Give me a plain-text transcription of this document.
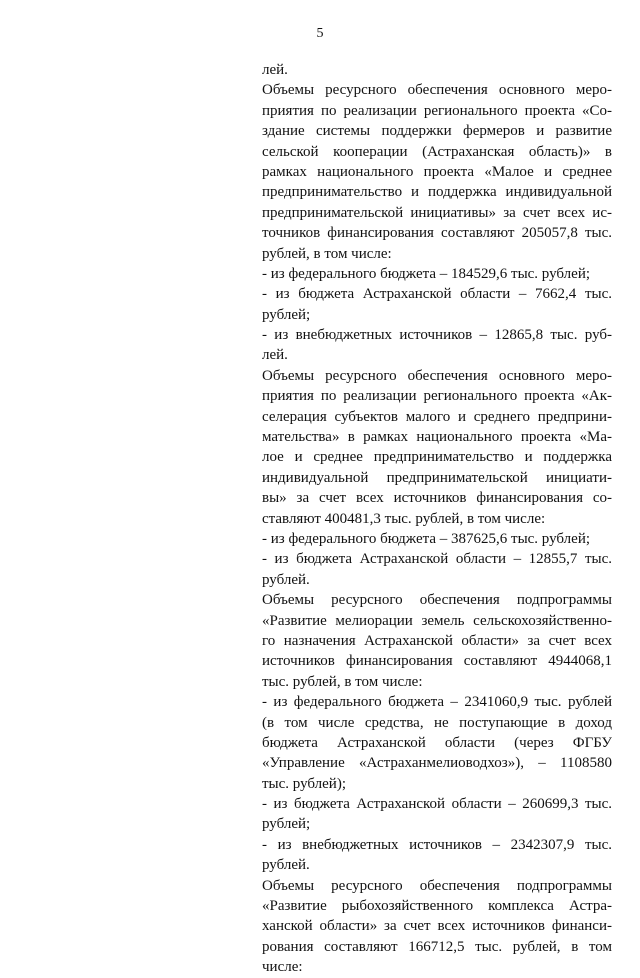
5
лей.
Объемы ресурсного обеспечения основного меро-
приятия по реализации регионального проекта «Со-
здание системы поддержки фермеров и развитие
сельской кооперации (Астраханская область)» в
рамках национального проекта «Малое и среднее
предпринимательство и поддержка индивидуальной
предпринимательской инициативы» за счет всех ис-
точников финансирования составляют 205057,8 тыс.
рублей, в том числе:
- из федерального бюджета – 184529,6 тыс. рублей;
- из бюджета Астраханской области – 7662,4 тыс.
рублей;
- из внебюджетных источников – 12865,8 тыс. руб-
лей.
Объемы ресурсного обеспечения основного меро-
приятия по реализации регионального проекта «Ак-
селерация субъектов малого и среднего предприни-
мательства» в рамках национального проекта «Ма-
лое и среднее предпринимательство и поддержка
индивидуальной предпринимательской инициати-
вы» за счет всех источников финансирования со-
ставляют 400481,3 тыс. рублей, в том числе:
- из федерального бюджета – 387625,6 тыс. рублей;
- из бюджета Астраханской области – 12855,7 тыс.
рублей.
Объемы ресурсного обеспечения подпрограммы
«Развитие мелиорации земель сельскохозяйственно-
го назначения Астраханской области» за счет всех
источников финансирования составляют 4944068,1
тыс. рублей, в том числе:
- из федерального бюджета – 2341060,9 тыс. рублей
(в том числе средства, не поступающие в доход
бюджета Астраханской области (через ФГБУ
«Управление «Астраханмелиоводхоз»), – 1108580
тыс. рублей);
- из бюджета Астраханской области – 260699,3 тыс.
рублей;
- из внебюджетных источников – 2342307,9 тыс.
рублей.
Объемы ресурсного обеспечения подпрограммы
«Развитие рыбохозяйственного комплекса Астра-
ханской области» за счет всех источников финанси-
рования составляют 166712,5 тыс. рублей, в том
числе:
